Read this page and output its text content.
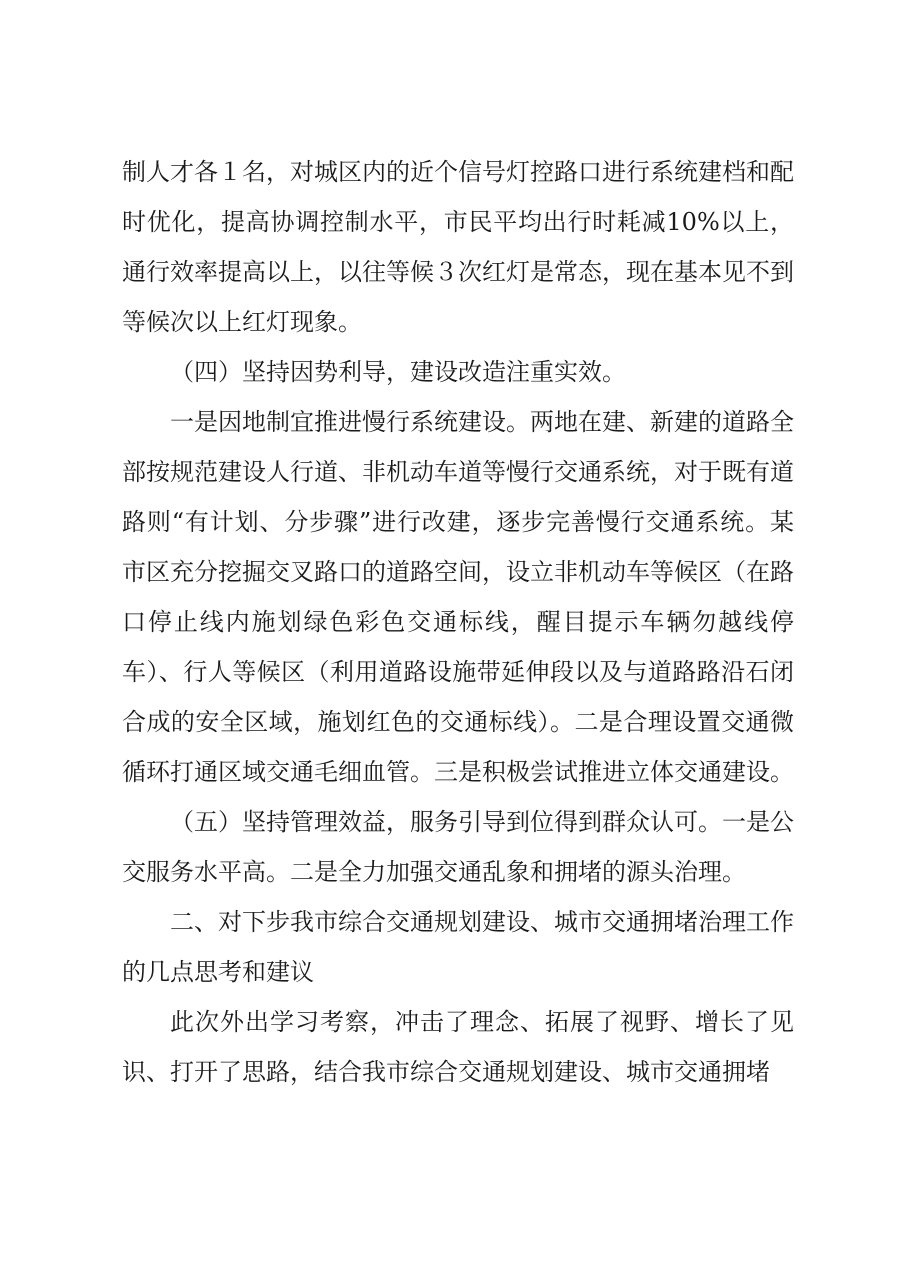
制人才各１名，对城区内的近个信号灯控路口进行系统建档和配时优化，提高协调控制水平，市民平均出行时耗减10%以上，通行效率提高以上，以往等候３次红灯是常态，现在基本见不到等候次以上红灯现象。

（四）坚持因势利导，建设改造注重实效。

一是因地制宜推进慢行系统建设。两地在建、新建的道路全部按规范建设人行道、非机动车道等慢行交通系统，对于既有道路则“有计划、分步骤”进行改建，逐步完善慢行交通系统。某市区充分挖掘交叉路口的道路空间，设立非机动车等候区（在路口停止线内施划绿色彩色交通标线，醒目提示车辆勿越线停车）、行人等候区（利用道路设施带延伸段以及与道路路沿石闭合成的安全区域，施划红色的交通标线）。二是合理设置交通微循环打通区域交通毛细血管。三是积极尝试推进立体交通建设。

（五）坚持管理效益，服务引导到位得到群众认可。一是公交服务水平高。二是全力加强交通乱象和拥堵的源头治理。

二、对下步我市综合交通规划建设、城市交通拥堵治理工作的几点思考和建议

此次外出学习考察，冲击了理念、拓展了视野、增长了见识、打开了思路，结合我市综合交通规划建设、城市交通拥堵
